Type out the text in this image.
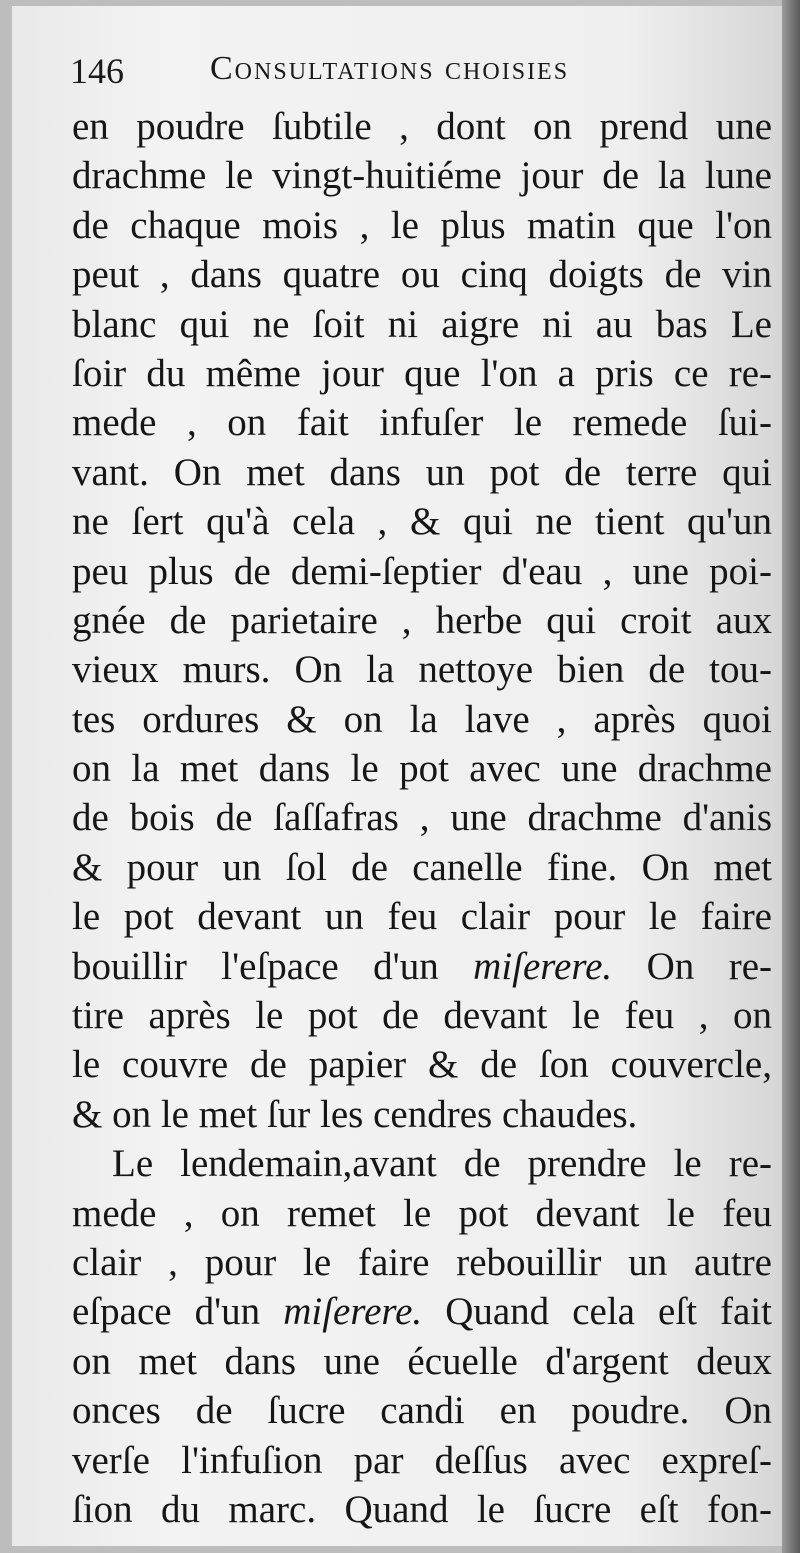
146	Consultations choisies
en poudre ſubtile , dont on prend une
drachme le vingt-huitiéme jour de la lune
de chaque mois , le plus matin que l'on
peut , dans quatre ou cinq doigts de vin
blanc qui ne ſoit ni aigre ni au bas Le
ſoir du même jour que l'on a pris ce re-
mede , on fait infuſer le remede ſui-
vant. On met dans un pot de terre qui
ne ſert qu'à cela , & qui ne tient qu'un
peu plus de demi-ſeptier d'eau , une poi-
gnée de parietaire , herbe qui croit aux
vieux murs. On la nettoye bien de tou-
tes ordures & on la lave , après quoi
on la met dans le pot avec une drachme
de bois de ſaſſafras , une drachme d'anis
& pour un ſol de canelle fine. On met
le pot devant un feu clair pour le faire
bouillir l'eſpace d'un miſerere. On re-
tire après le pot de devant le feu , on
le couvre de papier & de ſon couvercle,
& on le met ſur les cendres chaudes.
Le lendemain,avant de prendre le re-
mede , on remet le pot devant le feu
clair , pour le faire rebouillir un autre
eſpace d'un miſerere. Quand cela eſt fait
on met dans une écuelle d'argent deux
onces de ſucre candi en poudre. On
verſe l'infuſion par deſſus avec expreſ-
ſion du marc. Quand le ſucre eſt fon-
